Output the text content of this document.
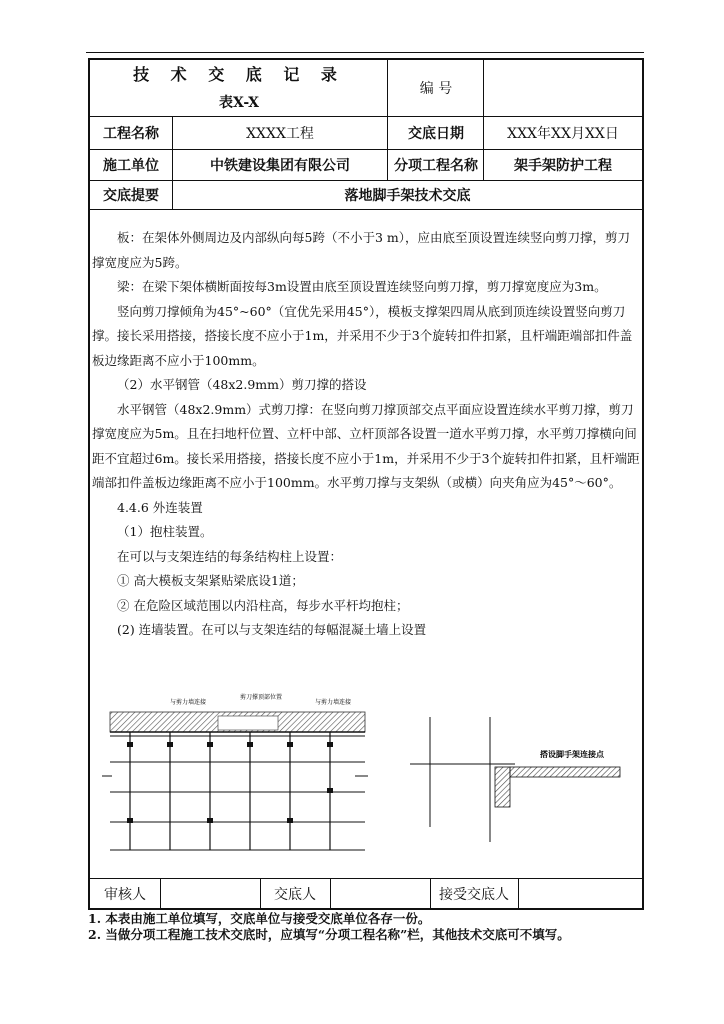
技 术 交 底 记 录
表X-X
编 号
工程名称	XXXX工程	交底日期	XXX年XX月XX日
施工单位	中铁建设集团有限公司	分项工程名称	架手架防护工程
交底提要	落地脚手架技术交底

板：在架体外侧周边及内部纵向每5跨（不小于3 m），应由底至顶设置连续竖向剪刀撑，剪刀撑宽度应为5跨。

梁：在梁下架体横断面按每3m设置由底至顶设置连续竖向剪刀撑，剪刀撑宽度应为3m。

竖向剪刀撑倾角为45°~60°（宜优先采用45°），模板支撑架四周从底到顶连续设置竖向剪刀撑。接长采用搭接，搭接长度不应小于1m，并采用不少于3个旋转扣件扣紧，且杆端距端部扣件盖板边缘距离不应小于100mm。

（2）水平钢管（48x2.9mm）剪刀撑的搭设

水平钢管（48x2.9mm）式剪刀撑：在竖向剪刀撑顶部交点平面应设置连续水平剪刀撑，剪刀撑宽度应为5m。且在扫地杆位置、立杆中部、立杆顶部各设置一道水平剪刀撑，水平剪刀撑横向间距不宜超过6m。接长采用搭接，搭接长度不应小于1m，并采用不少于3个旋转扣件扣紧，且杆端距端部扣件盖板边缘距离不应小于100mm。水平剪刀撑与支架纵（或横）向夹角应为45°～60°。

4.4.6 外连装置

（1）抱柱装置。

在可以与支架连结的每条结构柱上设置：

① 高大模板支架紧贴梁底设1道；

② 在危险区域范围以内沿柱高，每步水平杆均抱柱；

(2) 连墙装置。在可以与支架连结的每幅混凝土墙上设置

与剪力墙连接
剪刀撑顶部位置
与剪力墙连接
搭设脚手架连接点
审核人	交底人	接受交底人
1. 本表由施工单位填写，交底单位与接受交底单位各存一份。
2. 当做分项工程施工技术交底时，应填写“分项工程名称”栏，其他技术交底可不填写。
